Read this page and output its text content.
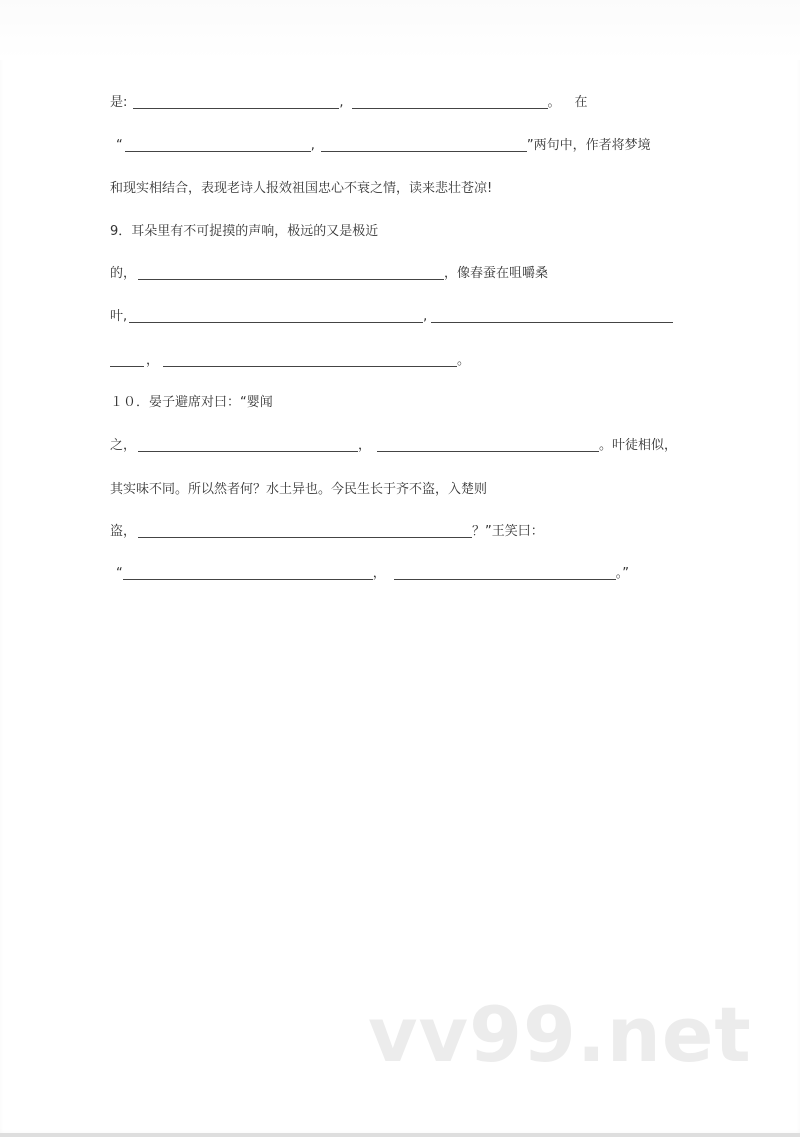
是:	,	。 在
“	,	”两句中，作者将梦境
和现实相结合，表现老诗人报效祖国忠心不衰之情，读来悲壮苍凉!
9．耳朵里有不可捉摸的声响，极远的又是极近
的，	，像春蚕在咀嚼桑
叶,	,
，	。
１０．晏子避席对曰：“婴闻
之，	，	。叶徒相似，
其实味不同。所以然者何？水土异也。今民生长于齐不盗，入楚则
盗，	？”王笑曰：
“	，	。”
vv99.net
